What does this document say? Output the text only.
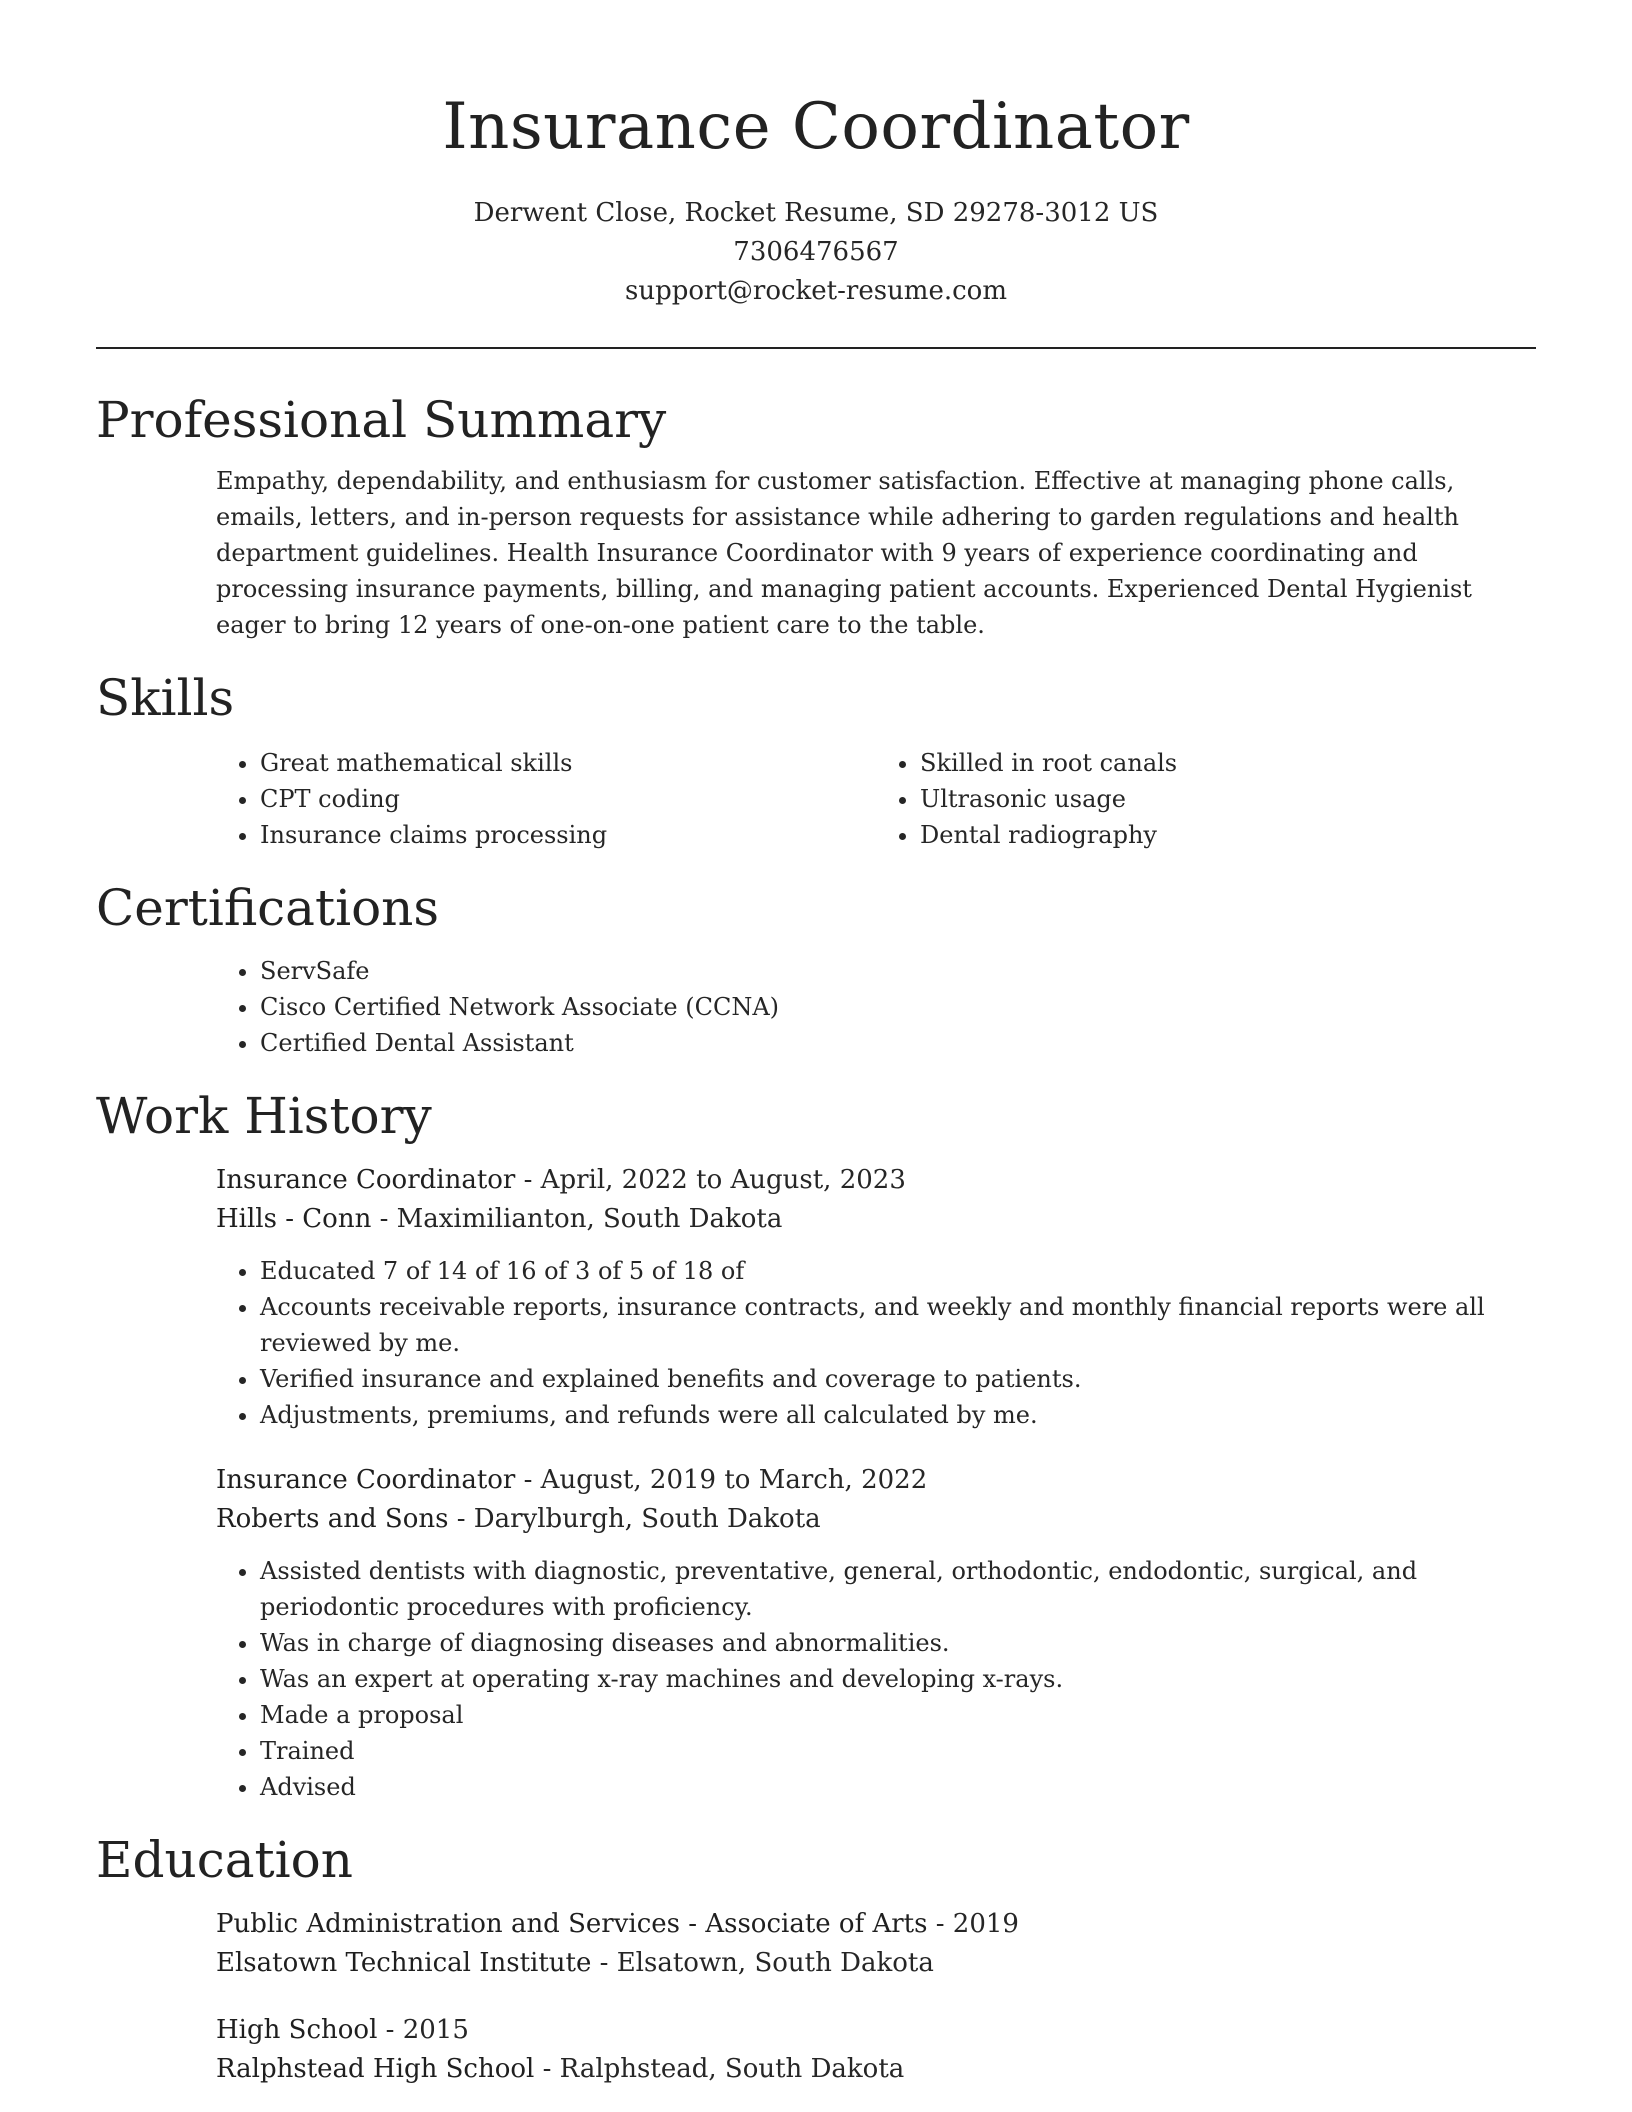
Insurance Coordinator
Derwent Close, Rocket Resume, SD 29278-3012 US
7306476567
support@rocket-resume.com
Professional Summary

Empathy, dependability, and enthusiasm for customer satisfaction. Effective at managing phone calls, emails, letters, and in-person requests for assistance while adhering to garden regulations and health department guidelines. Health Insurance Coordinator with 9 years of experience coordinating and processing insurance payments, billing, and managing patient accounts. Experienced Dental Hygienist eager to bring 12 years of one-on-one patient care to the table.

Skills
• Great mathematical skills
• CPT coding
• Insurance claims processing
• Skilled in root canals
• Ultrasonic usage
• Dental radiography
Certifications
• ServSafe
• Cisco Certified Network Associate (CCNA)
• Certified Dental Assistant
Work History
Insurance Coordinator - April, 2022 to August, 2023
Hills - Conn - Maximilianton, South Dakota
• Educated 7 of 14 of 16 of 3 of 5 of 18 of
• Accounts receivable reports, insurance contracts, and weekly and monthly financial reports were all reviewed by me.
• Verified insurance and explained benefits and coverage to patients.
• Adjustments, premiums, and refunds were all calculated by me.
Insurance Coordinator - August, 2019 to March, 2022
Roberts and Sons - Darylburgh, South Dakota
• Assisted dentists with diagnostic, preventative, general, orthodontic, endodontic, surgical, and periodontic procedures with proficiency.
• Was in charge of diagnosing diseases and abnormalities.
• Was an expert at operating x-ray machines and developing x-rays.
• Made a proposal
• Trained
• Advised
Education
Public Administration and Services - Associate of Arts - 2019
Elsatown Technical Institute - Elsatown, South Dakota
High School - 2015
Ralphstead High School - Ralphstead, South Dakota
